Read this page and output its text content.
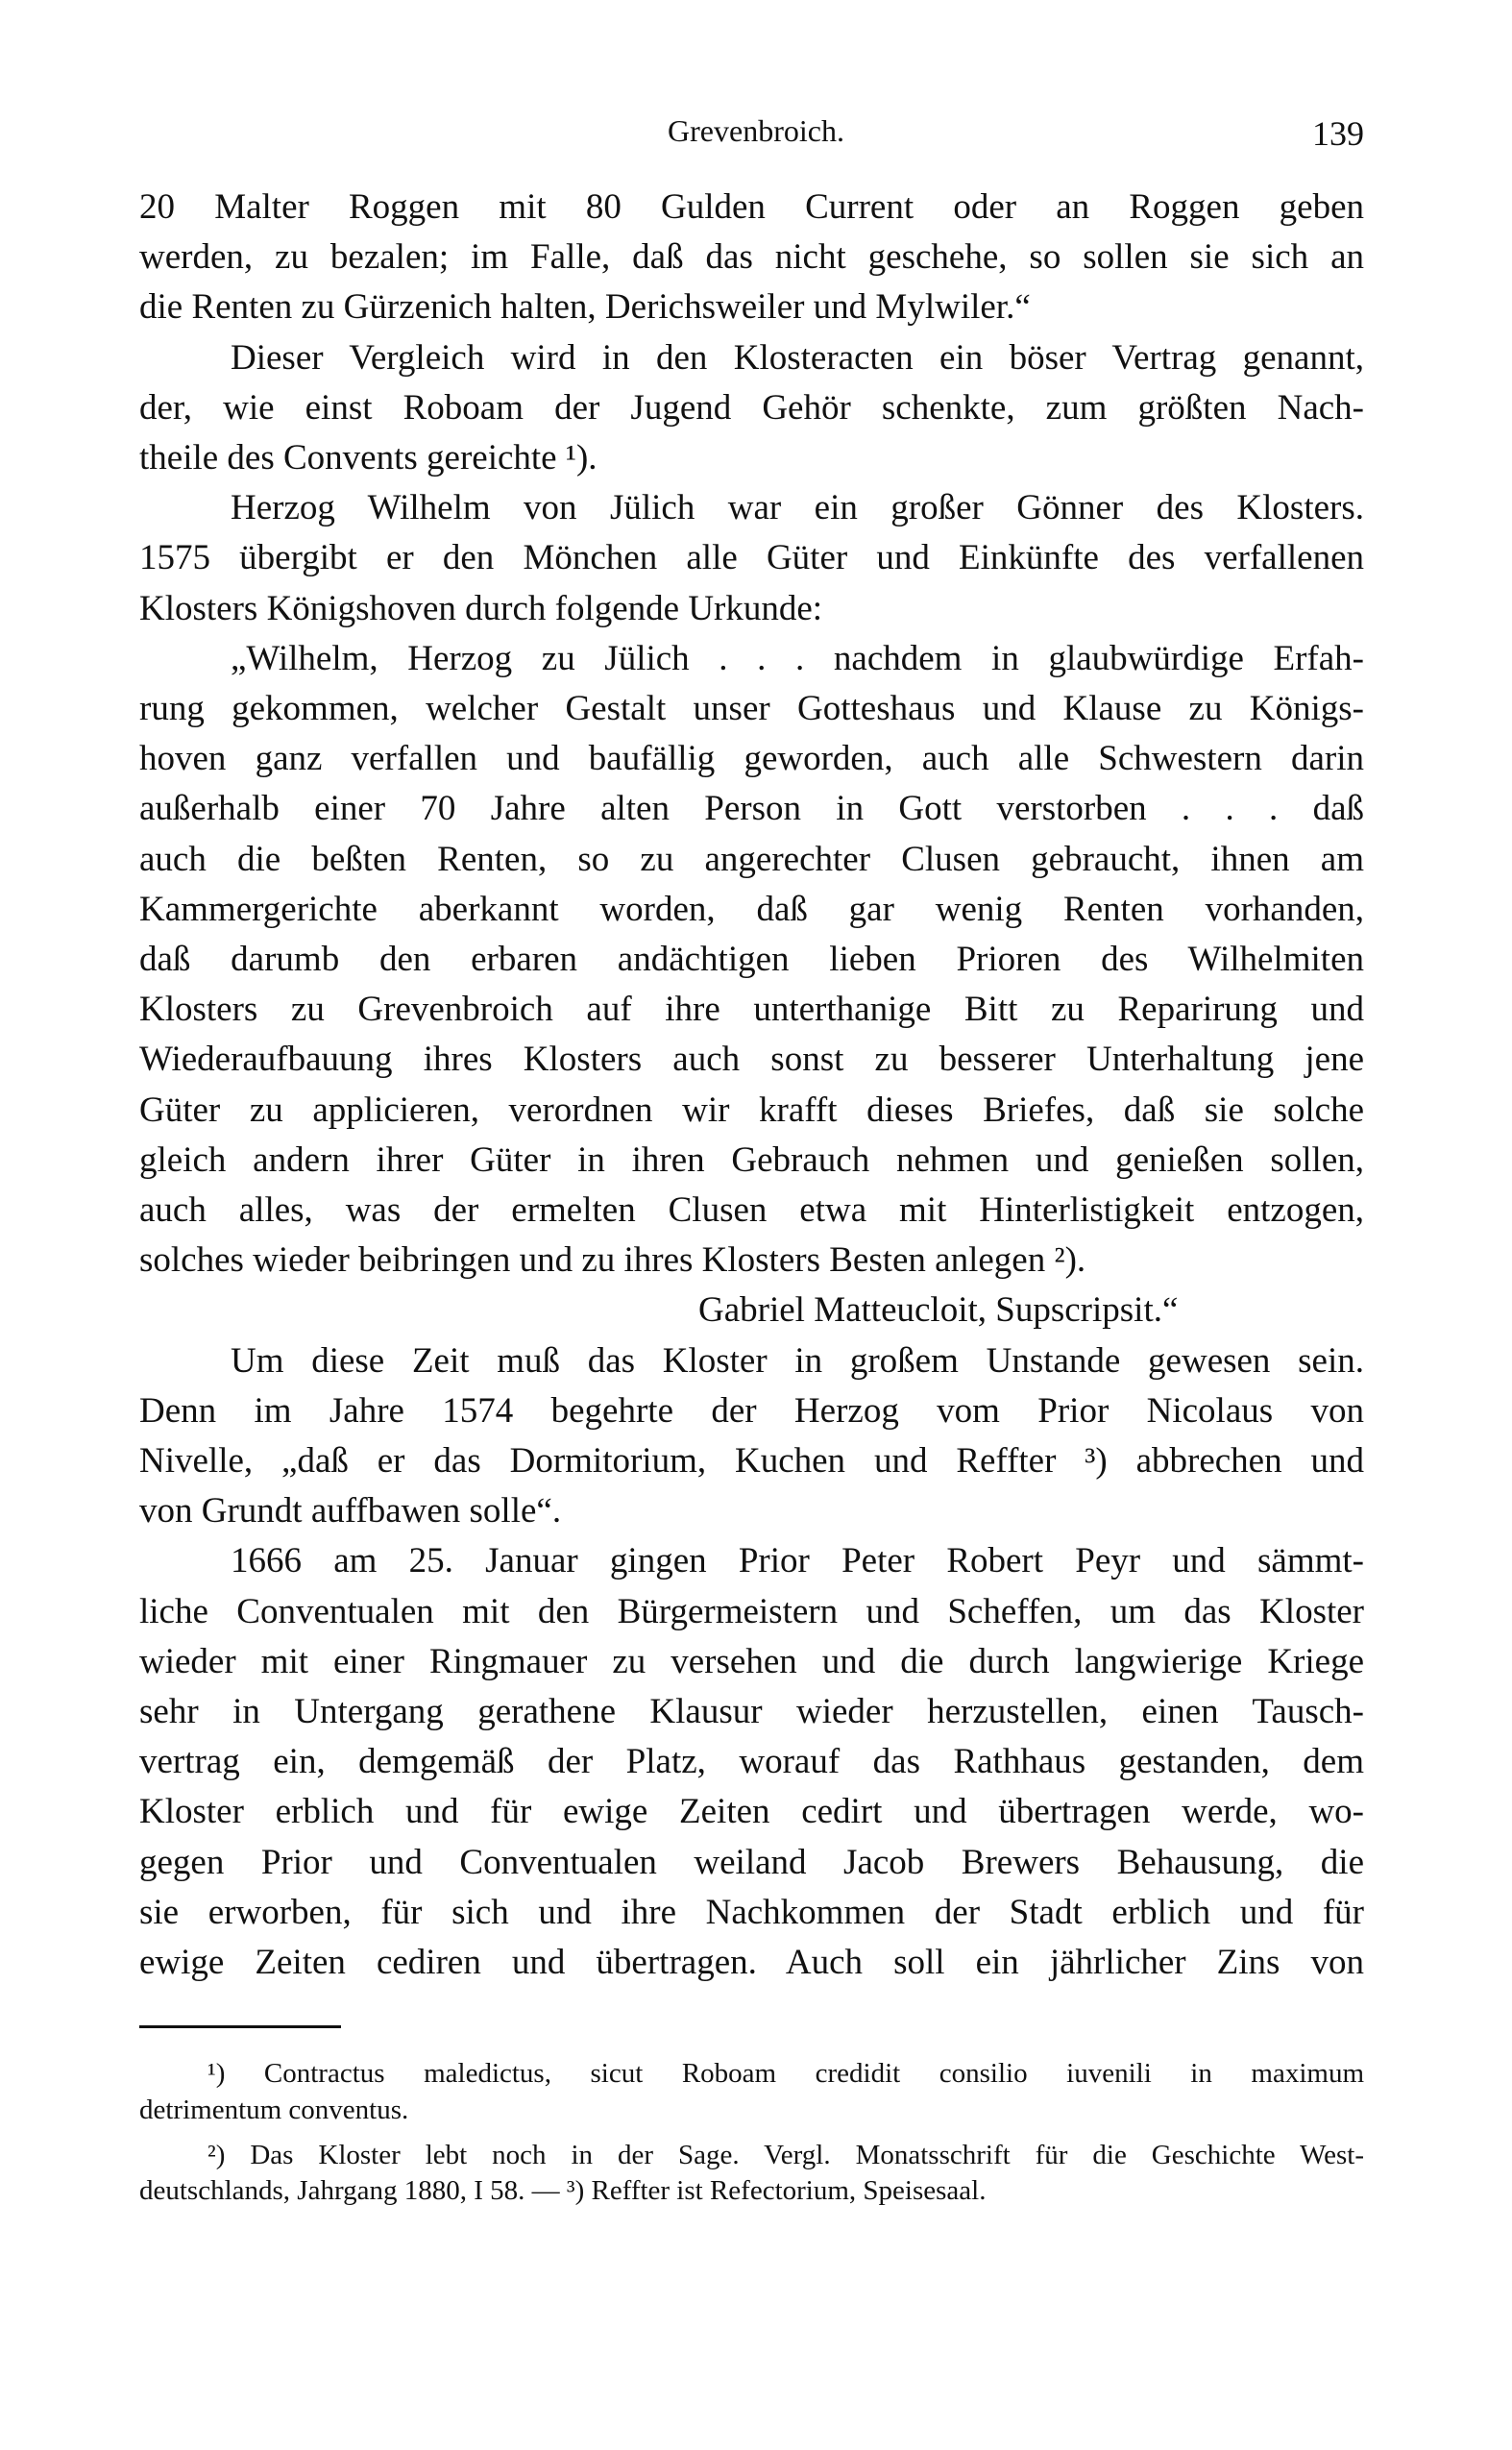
Grevenbroich.	139
20 Malter Roggen mit 80 Gulden Current oder an Roggen geben
werden, zu bezalen; im Falle, daß das nicht geschehe, so sollen sie sich an
die Renten zu Gürzenich halten, Derichsweiler und Mylwiler.“
Dieser Vergleich wird in den Klosteracten ein böser Vertrag genannt,
der, wie einst Roboam der Jugend Gehör schenkte, zum größten Nach-
theile des Convents gereichte ¹).
Herzog Wilhelm von Jülich war ein großer Gönner des Klosters.
1575 übergibt er den Mönchen alle Güter und Einkünfte des verfallenen
Klosters Königshoven durch folgende Urkunde:
„Wilhelm, Herzog zu Jülich . . . nachdem in glaubwürdige Erfah-
rung gekommen, welcher Gestalt unser Gotteshaus und Klause zu Königs-
hoven ganz verfallen und baufällig geworden, auch alle Schwestern darin
außerhalb einer 70 Jahre alten Person in Gott verstorben . . . daß
auch die beßten Renten, so zu angerechter Clusen gebraucht, ihnen am
Kammergerichte aberkannt worden, daß gar wenig Renten vorhanden,
daß darumb den erbaren andächtigen lieben Prioren des Wilhelmiten
Klosters zu Grevenbroich auf ihre unterthanige Bitt zu Reparirung und
Wiederaufbauung ihres Klosters auch sonst zu besserer Unterhaltung jene
Güter zu applicieren, verordnen wir krafft dieses Briefes, daß sie solche
gleich andern ihrer Güter in ihren Gebrauch nehmen und genießen sollen,
auch alles, was der ermelten Clusen etwa mit Hinterlistigkeit entzogen,
solches wieder beibringen und zu ihres Klosters Besten anlegen ²).
Gabriel Matteucloit, Supscripsit.“
Um diese Zeit muß das Kloster in großem Unstande gewesen sein.
Denn im Jahre 1574 begehrte der Herzog vom Prior Nicolaus von
Nivelle, „daß er das Dormitorium, Kuchen und Reffter ³) abbrechen und
von Grundt auffbawen solle“.
1666 am 25. Januar gingen Prior Peter Robert Peyr und sämmt-
liche Conventualen mit den Bürgermeistern und Scheffen, um das Kloster
wieder mit einer Ringmauer zu versehen und die durch langwierige Kriege
sehr in Untergang gerathene Klausur wieder herzustellen, einen Tausch-
vertrag ein, demgemäß der Platz, worauf das Rathhaus gestanden, dem
Kloster erblich und für ewige Zeiten cedirt und übertragen werde, wo-
gegen Prior und Conventualen weiland Jacob Brewers Behausung, die
sie erworben, für sich und ihre Nachkommen der Stadt erblich und für
ewige Zeiten cediren und übertragen. Auch soll ein jährlicher Zins von
¹) Contractus maledictus, sicut Roboam credidit consilio iuvenili in maximum
detrimentum conventus.
²) Das Kloster lebt noch in der Sage. Vergl. Monatsschrift für die Geschichte West-
deutschlands, Jahrgang 1880, I 58. — ³) Reffter ist Refectorium, Speisesaal.
